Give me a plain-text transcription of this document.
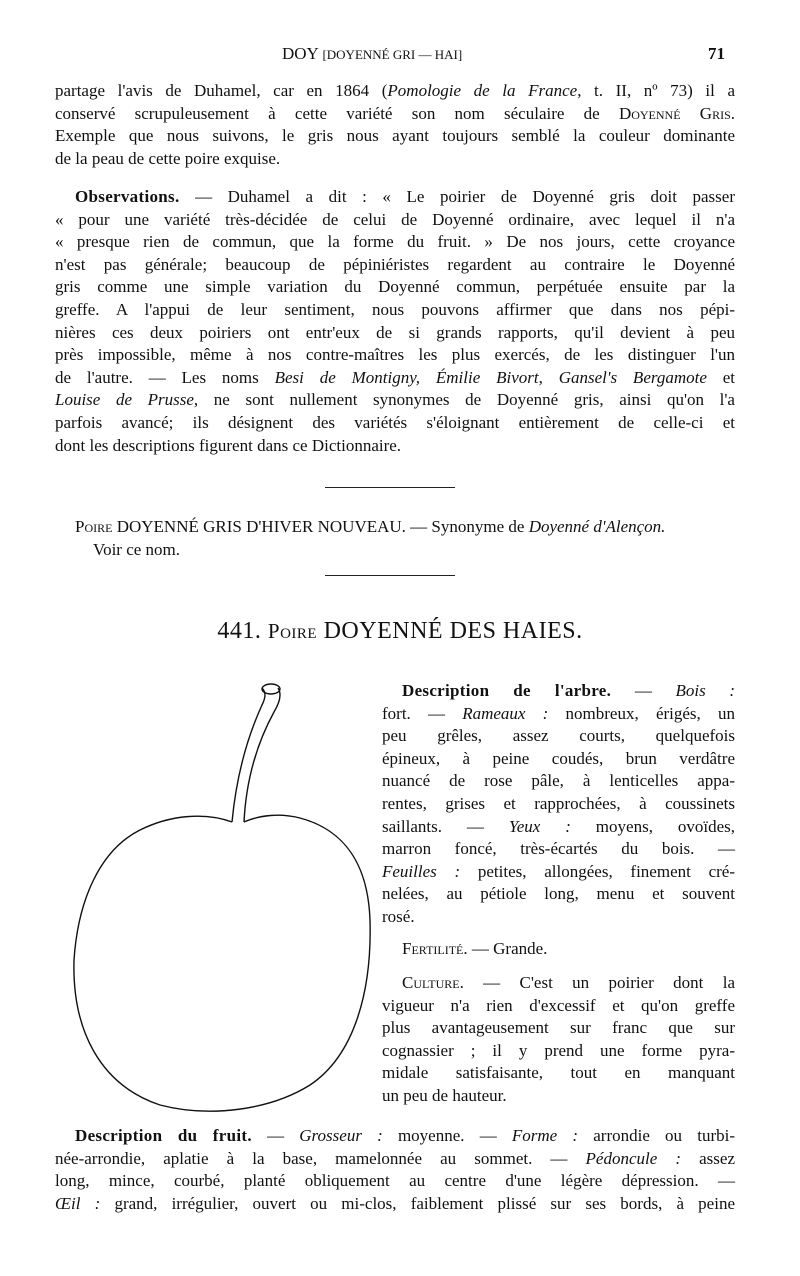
DOY [DOYENNÉ GRI — HAI]	71
partage l'avis de Duhamel, car en 1864 (Pomologie de la France, t. II, nº 73) il a
conservé scrupuleusement à cette variété son nom séculaire de Doyenné Gris.
Exemple que nous suivons, le gris nous ayant toujours semblé la couleur dominante
de la peau de cette poire exquise.
Observations. — Duhamel a dit : « Le poirier de Doyenné gris doit passer
« pour une variété très-décidée de celui de Doyenné ordinaire, avec lequel il n'a
« presque rien de commun, que la forme du fruit. » De nos jours, cette croyance
n'est pas générale; beaucoup de pépiniéristes regardent au contraire le Doyenné
gris comme une simple variation du Doyenné commun, perpétuée ensuite par la
greffe. A l'appui de leur sentiment, nous pouvons affirmer que dans nos pépi-
nières ces deux poiriers ont entr'eux de si grands rapports, qu'il devient à peu
près impossible, même à nos contre-maîtres les plus exercés, de les distinguer l'un
de l'autre. — Les noms Besi de Montigny, Émilie Bivort, Gansel's Bergamote et
Louise de Prusse, ne sont nullement synonymes de Doyenné gris, ainsi qu'on l'a
parfois avancé; ils désignent des variétés s'éloignant entièrement de celle-ci et
dont les descriptions figurent dans ce Dictionnaire.
Poire DOYENNÉ GRIS D'HIVER NOUVEAU. — Synonyme de Doyenné d'Alençon.
Voir ce nom.
441. Poire DOYENNÉ DES HAIES.
Description de l'arbre. — Bois :
fort. — Rameaux : nombreux, érigés, un
peu grêles, assez courts, quelquefois
épineux, à peine coudés, brun verdâtre
nuancé de rose pâle, à lenticelles appa-
rentes, grises et rapprochées, à coussinets
saillants. — Yeux : moyens, ovoïdes,
marron foncé, très-écartés du bois. —
Feuilles : petites, allongées, finement cré-
nelées, au pétiole long, menu et souvent
rosé.
Fertilité. — Grande.
Culture. — C'est un poirier dont la
vigueur n'a rien d'excessif et qu'on greffe
plus avantageusement sur franc que sur
cognassier ; il y prend une forme pyra-
midale satisfaisante, tout en manquant
un peu de hauteur.
Description du fruit. — Grosseur : moyenne. — Forme : arrondie ou turbi-
née-arrondie, aplatie à la base, mamelonnée au sommet. — Pédoncule : assez
long, mince, courbé, planté obliquement au centre d'une légère dépression. —
Œil : grand, irrégulier, ouvert ou mi-clos, faiblement plissé sur ses bords, à peine
